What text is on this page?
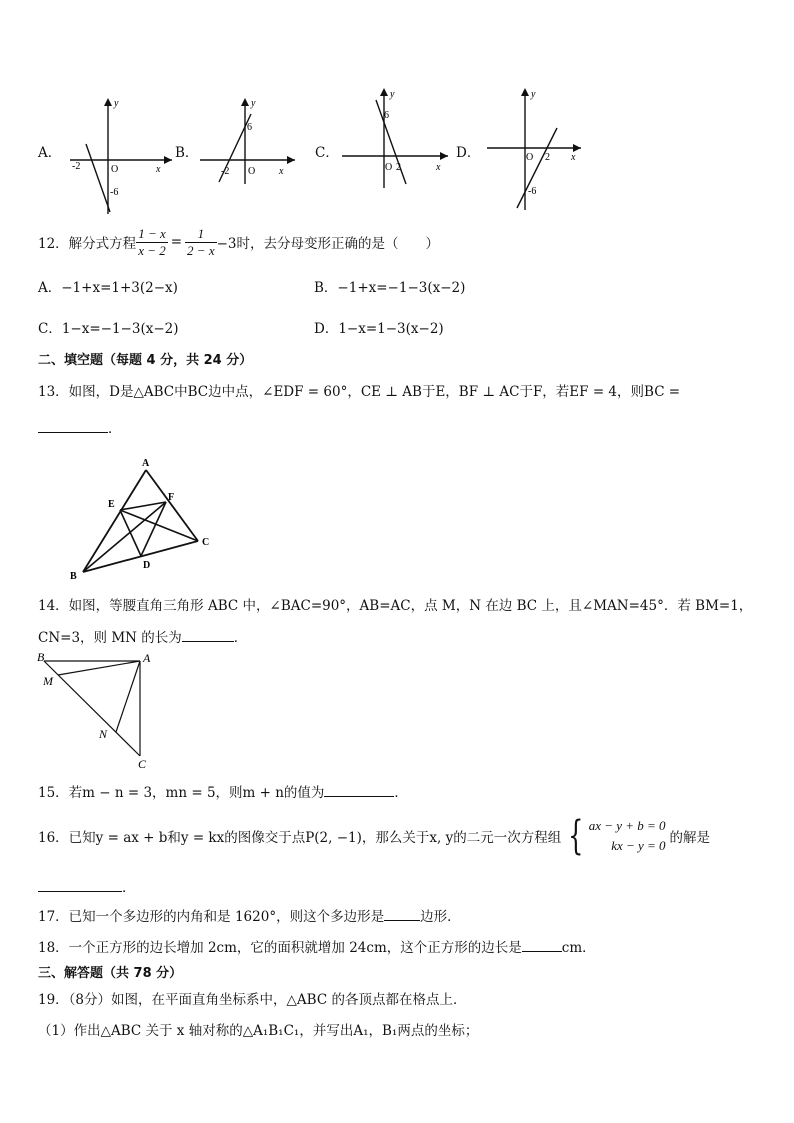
A．
y
x
-2	O
-6
B．
y
x
6
-2 O
C．
y
x
6
O 2
D．
y
x
O 2
-6
12．解分式方程 $\frac{1 - x}{x - 2} = \frac{1}{2 - x} -3$时，去分母变形正确的是（　　）
A．−1+x=1+3(2−x)	B．−1+x=−1−3(x−2)
C．1−x=−1−3(x−2)	D．1−x=1−3(x−2)
二、填空题（每题 4 分，共 24 分）
13．如图，D是△ABC中BC边中点，∠EDF = 60°，CE ⊥ AB于E，BF ⊥ AC于F，若EF = 4，则BC =
．
A
E
F
C
B
D
14．如图，等腰直角三角形 ABC 中，∠BAC=90°，AB=AC，点 M，N 在边 BC 上，且∠MAN=45°．若 BM=1，
CN=3，则 MN 的长为	．
B	A
M
N
C
15．若m − n = 3，mn = 5，则m + n的值为	．
16．已知y = ax + b和y = kx的图像交于点P(2, −1)，那么关于x, y的二元一次方程组 { ax − y + b = 0
kx − y = 0 的解是
．
17．已知一个多边形的内角和是 1620°，则这个多边形是	边形．
18．一个正方形的边长增加 2cm，它的面积就增加 24cm，这个正方形的边长是	cm．
三、解答题（共 78 分）
19．（8分）如图，在平面直角坐标系中，△ABC 的各顶点都在格点上．
（1）作出△ABC 关于 x 轴对称的△A₁B₁C₁，并写出A₁，B₁两点的坐标；
